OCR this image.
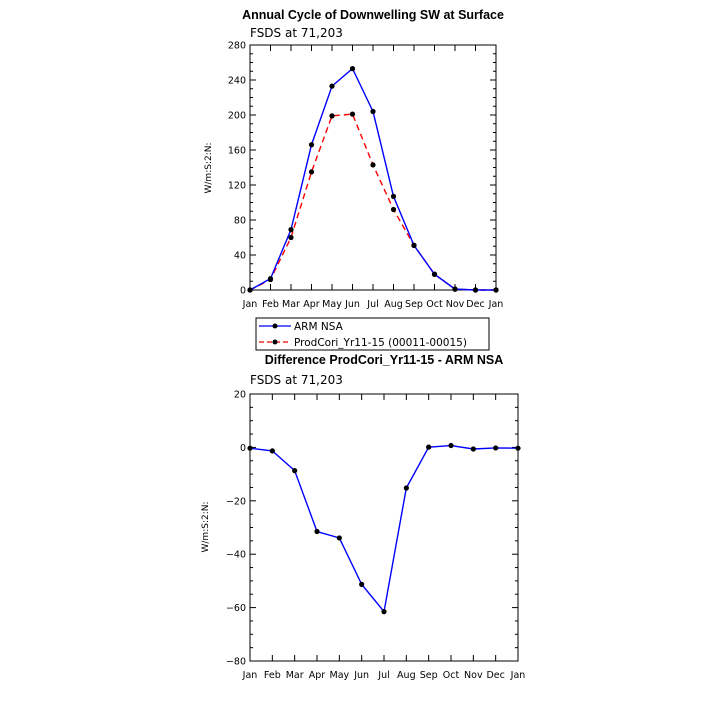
Annual Cycle of Downwelling SW at Surface
FSDS at 71,203
W/m:S:2:N:
0
40
80
120
160
200
240
280
Jan Feb Mar Apr May Jun Jul Aug Sep Oct Nov Dec Jan
ARM NSA
ProdCori_Yr11-15 (00011-00015)
Difference ProdCori_Yr11-15 - ARM NSA
FSDS at 71,203
W/m:S:2:N:
−80
−60
−40
−20
0
20
Jan Feb Mar Apr May Jun Jul Aug Sep Oct Nov Dec Jan
